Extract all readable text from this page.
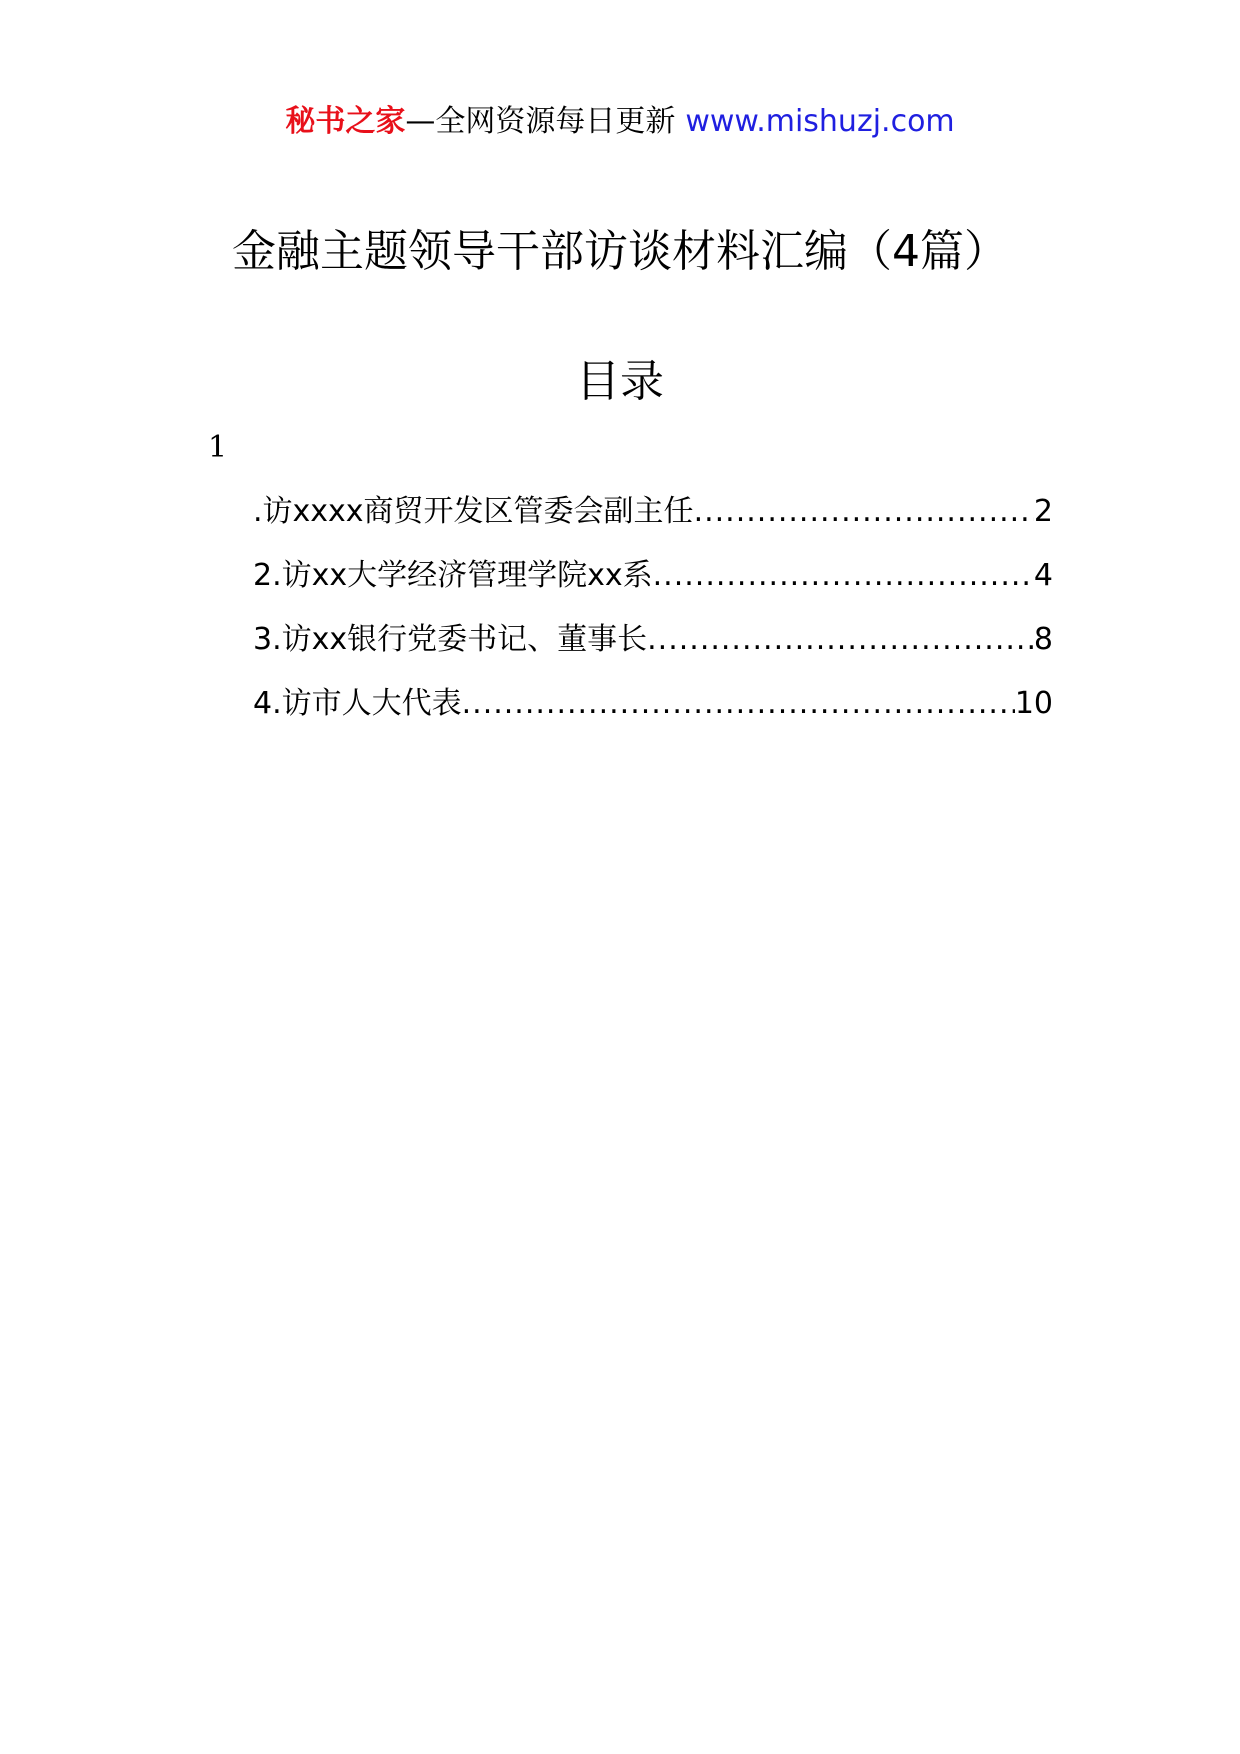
秘书之家—全网资源每日更新 www.mishuzj.com
金融主题领导干部访谈材料汇编（4篇）
目录
1
.访xxxx商贸开发区管委会副主任 .....	2
2.访xx大学经济管理学院xx系 .....	4
3.访xx银行党委书记、董事长 .....	8
4.访市人大代表 .....	10
